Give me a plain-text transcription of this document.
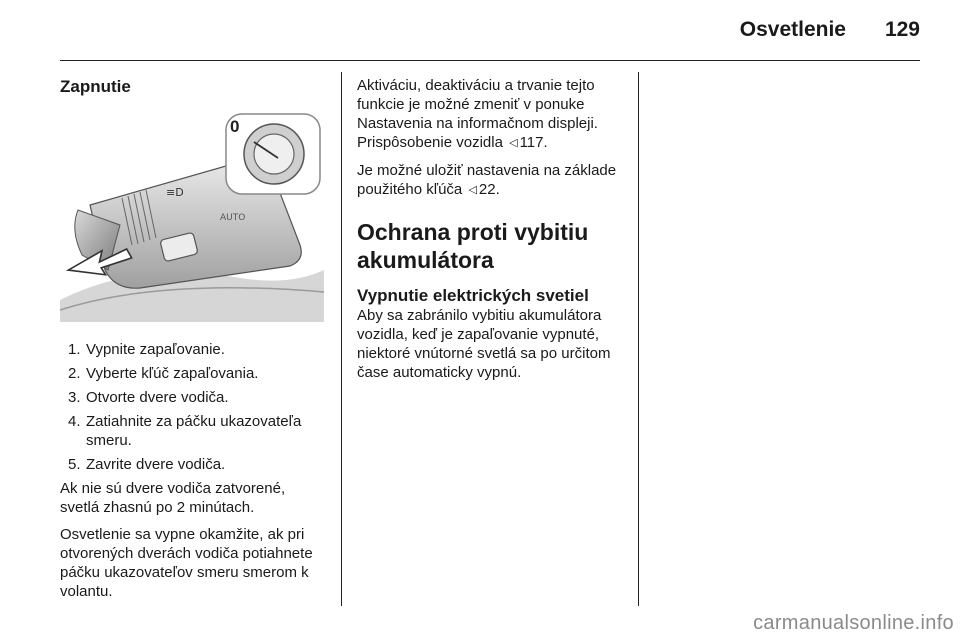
Osvetlenie	129
Zapnutie
≡D
AUTO
0
1. Vypnite zapaľovanie.
2. Vyberte kľúč zapaľovania.
3. Otvorte dvere vodiča.
4. Zatiahnite za páčku ukazovateľa smeru.
5. Zavrite dvere vodiča.

Ak nie sú dvere vodiča zatvorené, svetlá zhasnú po 2 minútach.

Osvetlenie sa vypne okamžite, ak pri otvorených dverách vodiča potiahnete páčku ukazovateľov smeru smerom k volantu.

Aktiváciu, deaktiváciu a trvanie tejto funkcie je možné zmeniť v ponuke Nastavenia na informačnom displeji. Prispôsobenie vozidla ◁ 117.

Je možné uložiť nastavenia na základe použitého kľúča ◁ 22.

Ochrana proti vybitiu akumulátora
Vypnutie elektrických svetiel

Aby sa zabránilo vybitiu akumulátora vozidla, keď je zapaľovanie vypnuté, niektoré vnútorné svetlá sa po určitom čase automaticky vypnú.

carmanualsonline.info
